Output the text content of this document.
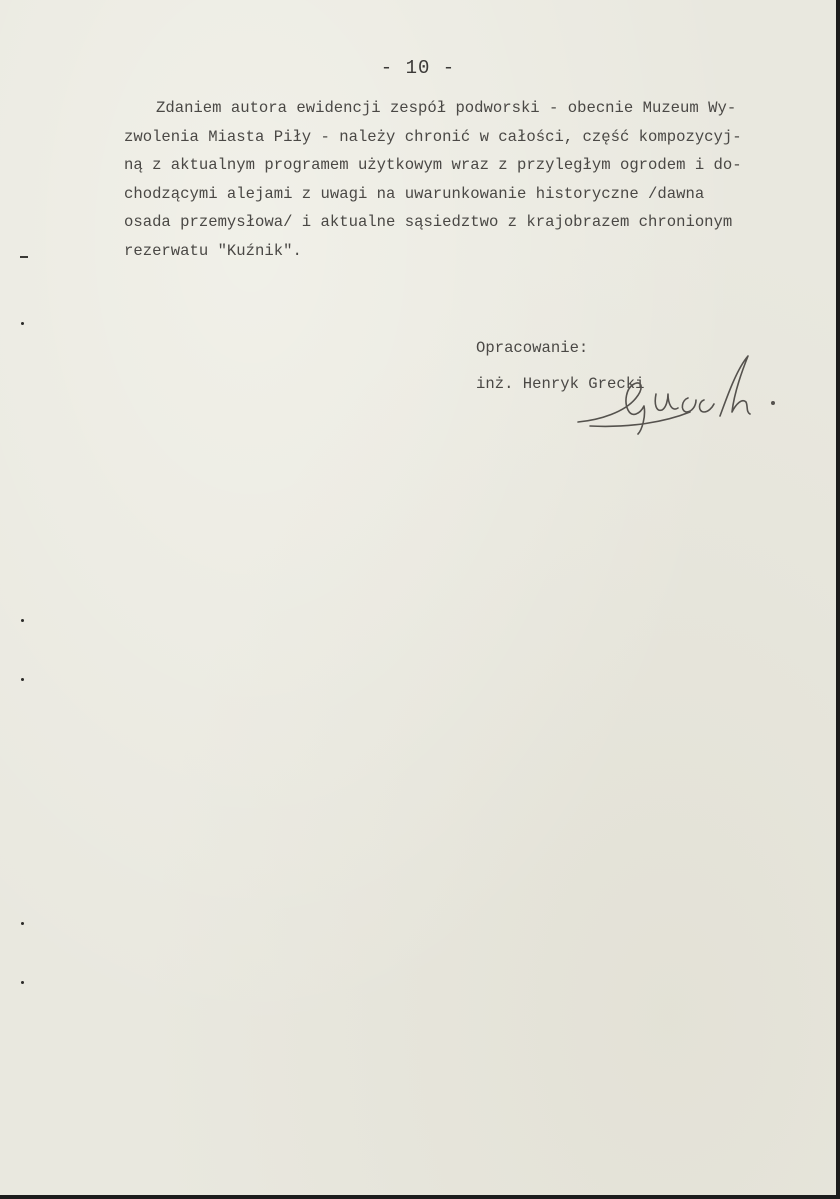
- 10 -
Zdaniem autora ewidencji zespół podworski - obecnie Muzeum Wy-
zwolenia Miasta Piły - należy chronić w całości, część kompozycyj-
ną z aktualnym programem użytkowym wraz z przyległym ogrodem i do-
chodzącymi alejami z uwagi na uwarunkowanie historyczne /dawna
osada przemysłowa/ i aktualne sąsiedztwo z krajobrazem chronionym
rezerwatu "Kuźnik".
Opracowanie:
inż. Henryk Grecki
